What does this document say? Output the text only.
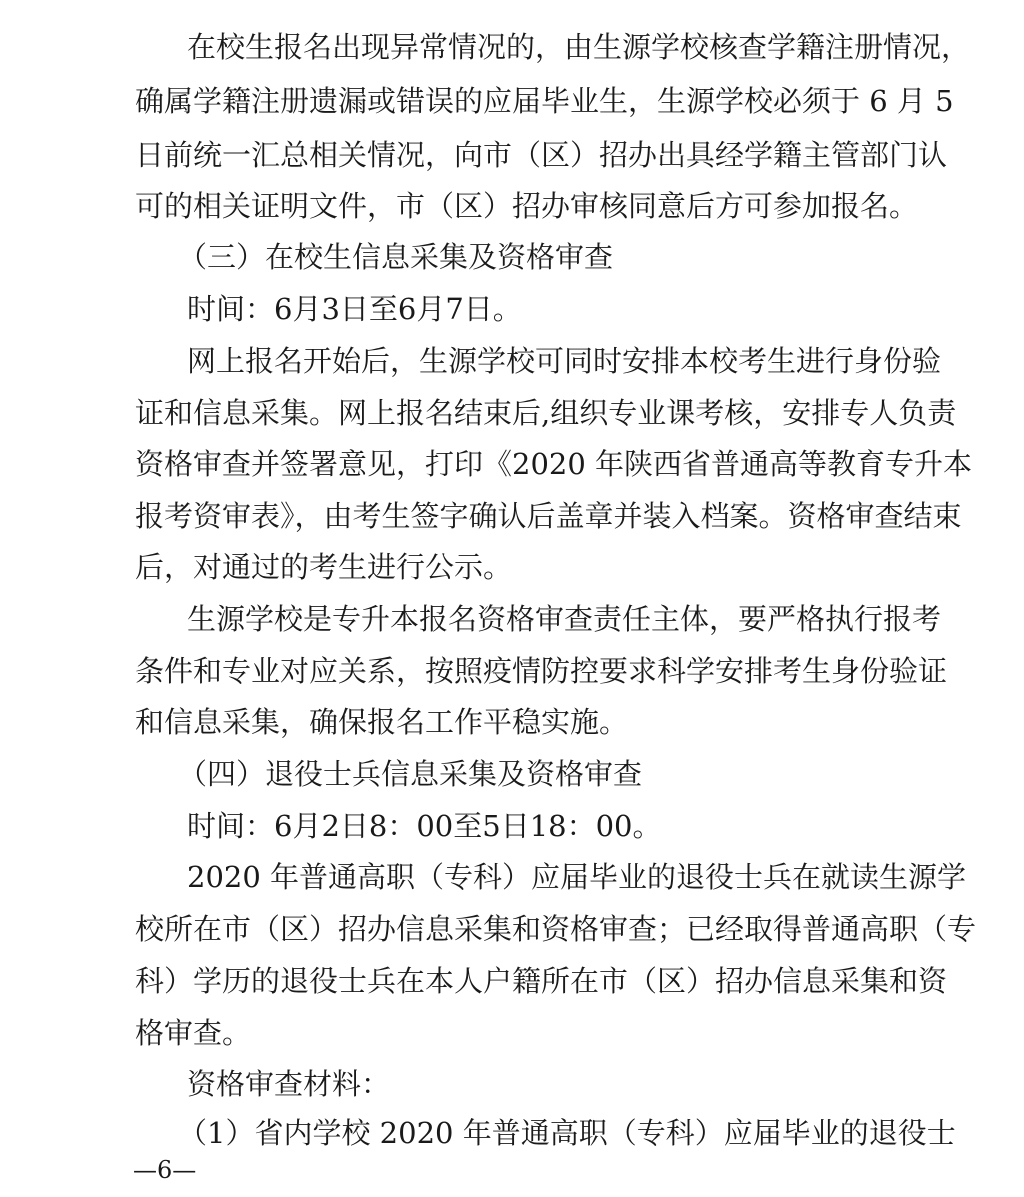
在校生报名出现异常情况的，由生源学校核查学籍注册情况，
确属学籍注册遗漏或错误的应届毕业生，生源学校必须于 6 月 5
日前统一汇总相关情况，向市（区）招办出具经学籍主管部门认
可的相关证明文件，市（区）招办审核同意后方可参加报名。
（三）在校生信息采集及资格审查
时间：6月3日至6月7日。
网上报名开始后，生源学校可同时安排本校考生进行身份验
证和信息采集。网上报名结束后,组织专业课考核，安排专人负责
资格审查并签署意见，打印《2020 年陕西省普通高等教育专升本
报考资审表》，由考生签字确认后盖章并装入档案。资格审查结束
后，对通过的考生进行公示。
生源学校是专升本报名资格审查责任主体，要严格执行报考
条件和专业对应关系，按照疫情防控要求科学安排考生身份验证
和信息采集，确保报名工作平稳实施。
（四）退役士兵信息采集及资格审查
时间：6月2日8：00至5日18：00。
2020 年普通高职（专科）应届毕业的退役士兵在就读生源学
校所在市（区）招办信息采集和资格审查；已经取得普通高职（专
科）学历的退役士兵在本人户籍所在市（区）招办信息采集和资
格审查。
资格审查材料：
（1）省内学校 2020 年普通高职（专科）应届毕业的退役士
—6—
